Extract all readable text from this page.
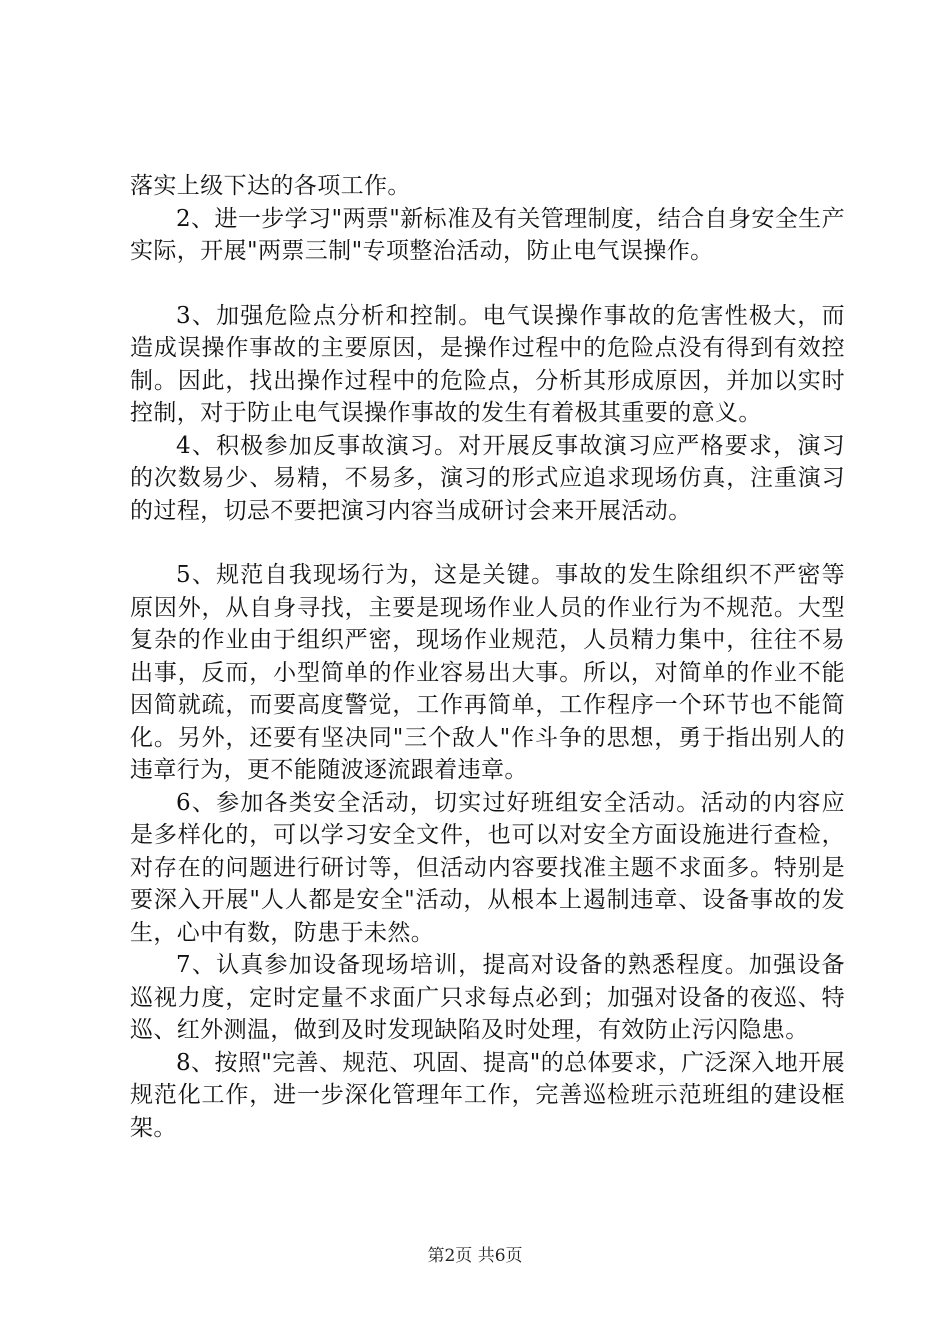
落实上级下达的各项工作。

2、进一步学习"两票"新标准及有关管理制度，结合自身安全生产实际，开展"两票三制"专项整治活动，防止电气误操作。

3、加强危险点分析和控制。电气误操作事故的危害性极大，而造成误操作事故的主要原因，是操作过程中的危险点没有得到有效控制。因此，找出操作过程中的危险点，分析其形成原因，并加以实时控制，对于防止电气误操作事故的发生有着极其重要的意义。

4、积极参加反事故演习。对开展反事故演习应严格要求，演习的次数易少、易精，不易多，演习的形式应追求现场仿真，注重演习的过程，切忌不要把演习内容当成研讨会来开展活动。

5、规范自我现场行为，这是关键。事故的发生除组织不严密等原因外，从自身寻找，主要是现场作业人员的作业行为不规范。大型复杂的作业由于组织严密，现场作业规范，人员精力集中，往往不易出事，反而，小型简单的作业容易出大事。所以，对简单的作业不能因简就疏，而要高度警觉，工作再简单，工作程序一个环节也不能简化。另外，还要有坚决同"三个敌人"作斗争的思想，勇于指出别人的违章行为，更不能随波逐流跟着违章。

6、参加各类安全活动，切实过好班组安全活动。活动的内容应是多样化的，可以学习安全文件，也可以对安全方面设施进行查检，对存在的问题进行研讨等，但活动内容要找准主题不求面多。特别是要深入开展"人人都是安全"活动，从根本上遏制违章、设备事故的发生，心中有数，防患于未然。

7、认真参加设备现场培训，提高对设备的熟悉程度。加强设备巡视力度，定时定量不求面广只求每点必到；加强对设备的夜巡、特巡、红外测温，做到及时发现缺陷及时处理，有效防止污闪隐患。

8、按照"完善、规范、巩固、提高"的总体要求，广泛深入地开展规范化工作，进一步深化管理年工作，完善巡检班示范班组的建设框架。

第2页 共6页
